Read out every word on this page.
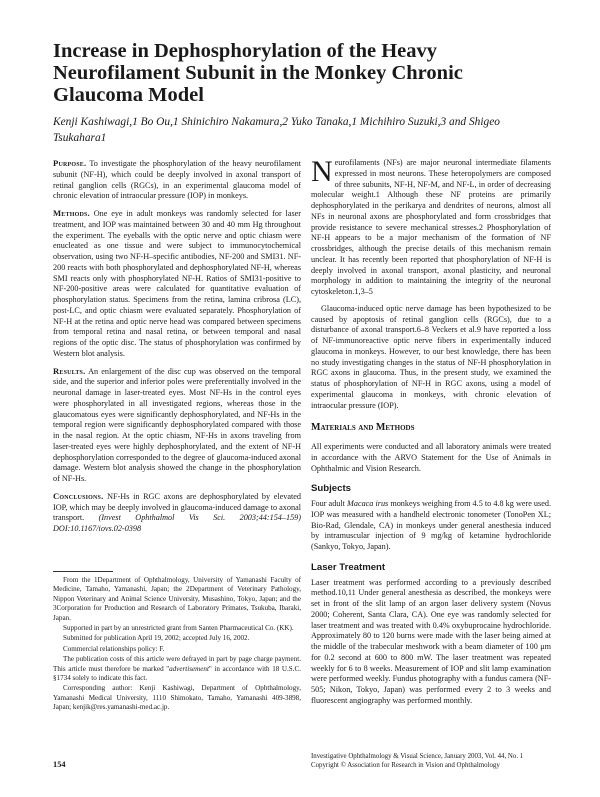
Increase in Dephosphorylation of the Heavy Neurofilament Subunit in the Monkey Chronic Glaucoma Model

Kenji Kashiwagi,1 Bo Ou,1 Shinichiro Nakamura,2 Yuko Tanaka,1 Michihiro Suzuki,3 and Shigeo Tsukahara1

Purpose. To investigate the phosphorylation of the heavy neurofilament subunit (NF-H), which could be deeply involved in axonal transport of retinal ganglion cells (RGCs), in an experimental glaucoma model of chronic elevation of intraocular pressure (IOP) in monkeys.

Methods. One eye in adult monkeys was randomly selected for laser treatment, and IOP was maintained between 30 and 40 mm Hg throughout the experiment. The eyeballs with the optic nerve and optic chiasm were enucleated as one tissue and were subject to immunocytochemical observation, using two NF-H–specific antibodies, NF-200 and SMI31. NF-200 reacts with both phosphorylated and dephosphorylated NF-H, whereas SMI reacts only with phosphorylated NF-H. Ratios of SMI31-positive to NF-200-positive areas were calculated for quantitative evaluation of phosphorylation status. Specimens from the retina, lamina cribrosa (LC), post-LC, and optic chiasm were evaluated separately. Phosphorylation of NF-H at the retina and optic nerve head was compared between specimens from temporal retina and nasal retina, or between temporal and nasal regions of the optic disc. The status of phosphorylation was confirmed by Western blot analysis.

Results. An enlargement of the disc cup was observed on the temporal side, and the superior and inferior poles were preferentially involved in the neuronal damage in laser-treated eyes. Most NF-Hs in the control eyes were phosphorylated in all investigated regions, whereas those in the glaucomatous eyes were significantly dephosphorylated, and NF-Hs in the temporal region were significantly dephosphorylated compared with those in the nasal region. At the optic chiasm, NF-Hs in axons traveling from laser-treated eyes were highly dephosphorylated, and the extent of NF-H dephosphorylation corresponded to the degree of glaucoma-induced axonal damage. Western blot analysis showed the change in the phosphorylation of NF-Hs.

Conclusions. NF-Hs in RGC axons are dephosphorylated by elevated IOP, which may be deeply involved in glaucoma-induced damage to axonal transport. (Invest Ophthalmol Vis Sci. 2003;44:154–159) DOI:10.1167/iovs.02-0398

From the 1Department of Ophthalmology, University of Yamanashi Faculty of Medicine, Tamaho, Yamanashi, Japan; the 2Department of Veterinary Pathology, Nippon Veterinary and Animal Science University, Musashino, Tokyo, Japan; and the 3Corporation for Production and Research of Laboratory Primates, Tsukuba, Ibaraki, Japan.

Supported in part by an unrestricted grant from Santen Pharmaceutical Co. (KK).

Submitted for publication April 19, 2002; accepted July 16, 2002.

Commercial relationships policy: F.

The publication costs of this article were defrayed in part by page charge payment. This article must therefore be marked "advertisement" in accordance with 18 U.S.C. §1734 solely to indicate this fact.

Corresponding author: Kenji Kashiwagi, Department of Ophthalmology, Yamanashi Medical University, 1110 Shimokato, Tamaho, Yamanashi 409-3898, Japan; kenjik@res.yamanashi-med.ac.jp.

154

Neurofilaments (NFs) are major neuronal intermediate filaments expressed in most neurons. These heteropolymers are composed of three subunits, NF-H, NF-M, and NF-L, in order of decreasing molecular weight.1 Although these NF proteins are primarily dephosphorylated in the perikarya and dendrites of neurons, almost all NFs in neuronal axons are phosphorylated and form crossbridges that provide resistance to severe mechanical stresses.2 Phosphorylation of NF-H appears to be a major mechanism of the formation of NF crossbridges, although the precise details of this mechanism remain unclear. It has recently been reported that phosphorylation of NF-H is deeply involved in axonal transport, axonal plasticity, and neuronal morphology in addition to maintaining the integrity of the neuronal cytoskeleton.1,3–5

Glaucoma-induced optic nerve damage has been hypothesized to be caused by apoptosis of retinal ganglion cells (RGCs), due to a disturbance of axonal transport.6–8 Veckers et al.9 have reported a loss of NF-immunoreactive optic nerve fibers in experimentally induced glaucoma in monkeys. However, to our best knowledge, there has been no study investigating changes in the status of NF-H phosphorylation in RGC axons in glaucoma. Thus, in the present study, we examined the status of phosphorylation of NF-H in RGC axons, using a model of experimental glaucoma in monkeys, with chronic elevation of intraocular pressure (IOP).

Materials and Methods

All experiments were conducted and all laboratory animals were treated in accordance with the ARVO Statement for the Use of Animals in Ophthalmic and Vision Research.

Subjects

Four adult Macaca irus monkeys weighing from 4.5 to 4.8 kg were used. IOP was measured with a handheld electronic tonometer (TonoPen XL; Bio-Rad, Glendale, CA) in monkeys under general anesthesia induced by intramuscular injection of 9 mg/kg of ketamine hydrochloride (Sankyo, Tokyo, Japan).

Laser Treatment

Laser treatment was performed according to a previously described method.10,11 Under general anesthesia as described, the monkeys were set in front of the slit lamp of an argon laser delivery system (Novus 2000; Coherent, Santa Clara, CA). One eye was randomly selected for laser treatment and was treated with 0.4% oxybuprocaine hydrochloride. Approximately 80 to 120 burns were made with the laser being aimed at the middle of the trabecular meshwork with a beam diameter of 100 μm for 0.2 second at 600 to 800 mW. The laser treatment was repeated weekly for 6 to 8 weeks. Measurement of IOP and slit lamp examination were performed weekly. Fundus photography with a fundus camera (NF-505; Nikon, Tokyo, Japan) was performed every 2 to 3 weeks and fluorescent angiography was performed monthly.

Investigative Ophthalmology & Visual Science, January 2003, Vol. 44, No. 1
Copyright © Association for Research in Vision and Ophthalmology
